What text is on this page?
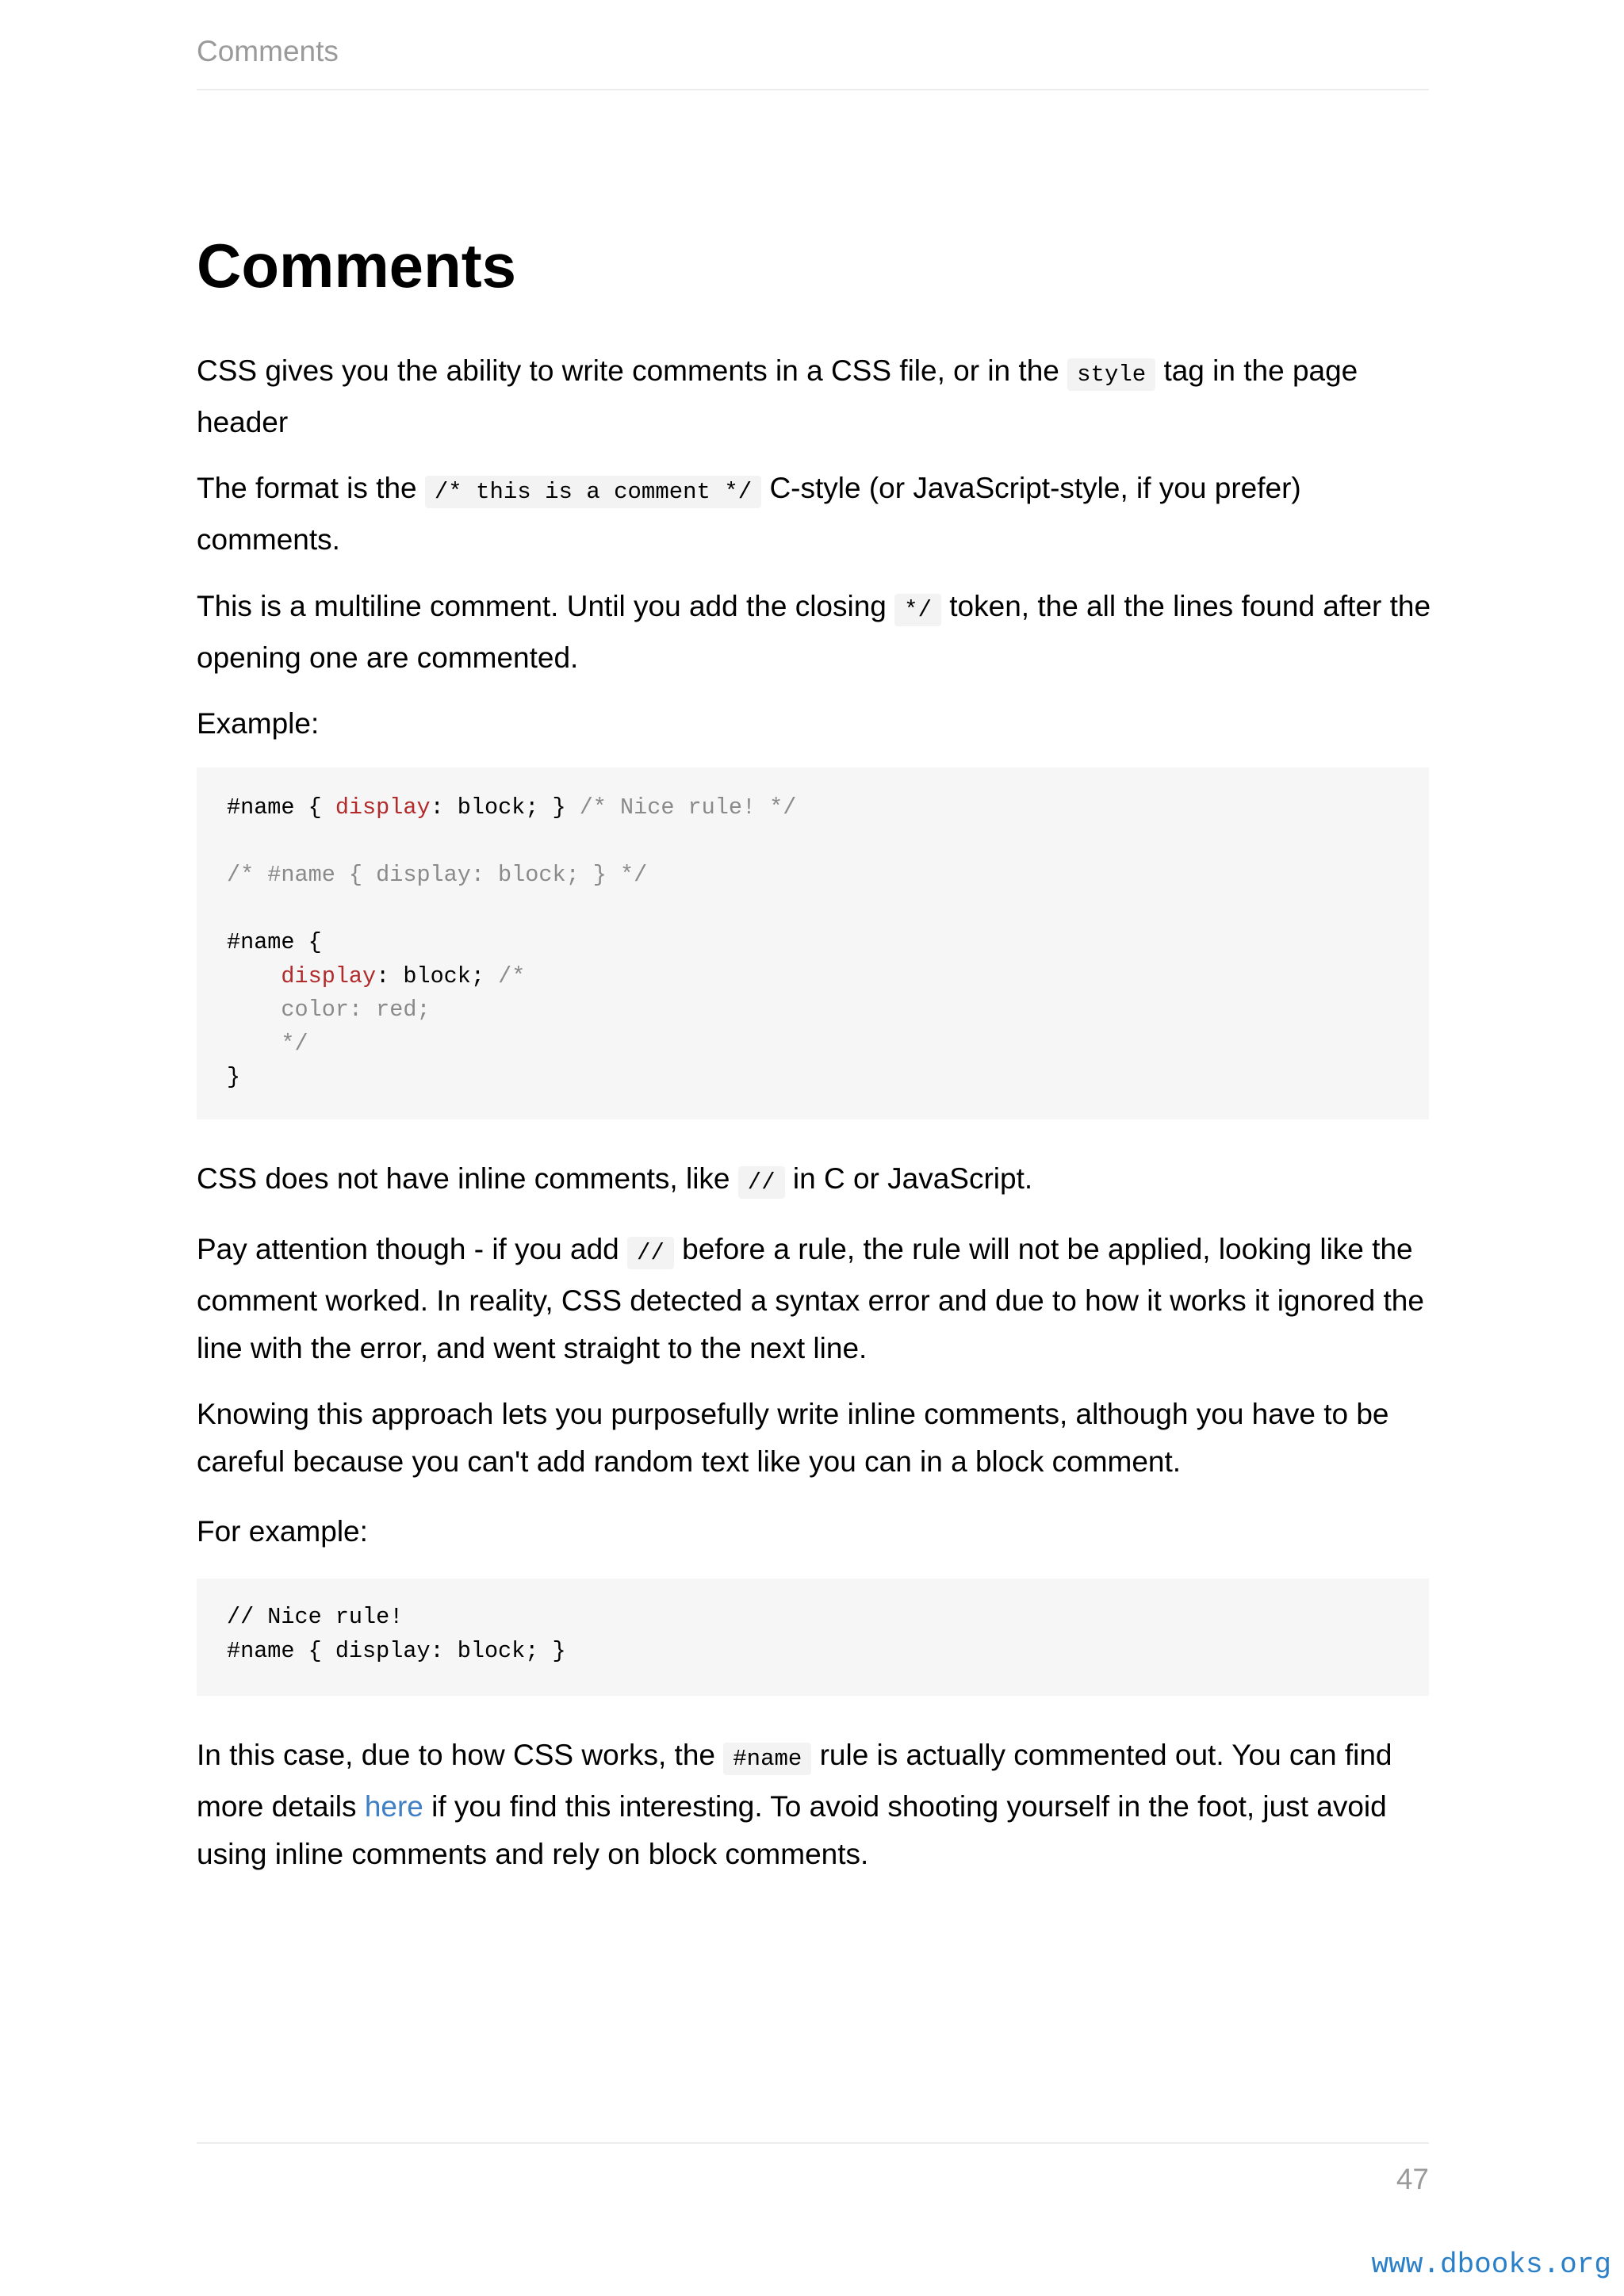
Comments
Comments

CSS gives you the ability to write comments in a CSS file, or in the style tag in the page header

The format is the /* this is a comment */ C-style (or JavaScript-style, if you prefer) comments.

This is a multiline comment. Until you add the closing */ token, the all the lines found after the opening one are commented.

Example:

#name { display: block; } /* Nice rule! */

/* #name { display: block; } */

#name {
display: block; /*
color: red;
*/
}

CSS does not have inline comments, like // in C or JavaScript.

Pay attention though - if you add // before a rule, the rule will not be applied, looking like the comment worked. In reality, CSS detected a syntax error and due to how it works it ignored the line with the error, and went straight to the next line.

Knowing this approach lets you purposefully write inline comments, although you have to be careful because you can't add random text like you can in a block comment.

For example:

// Nice rule!
#name { display: block; }

In this case, due to how CSS works, the #name rule is actually commented out. You can find more details here if you find this interesting. To avoid shooting yourself in the foot, just avoid using inline comments and rely on block comments.

47
www.dbooks.org
